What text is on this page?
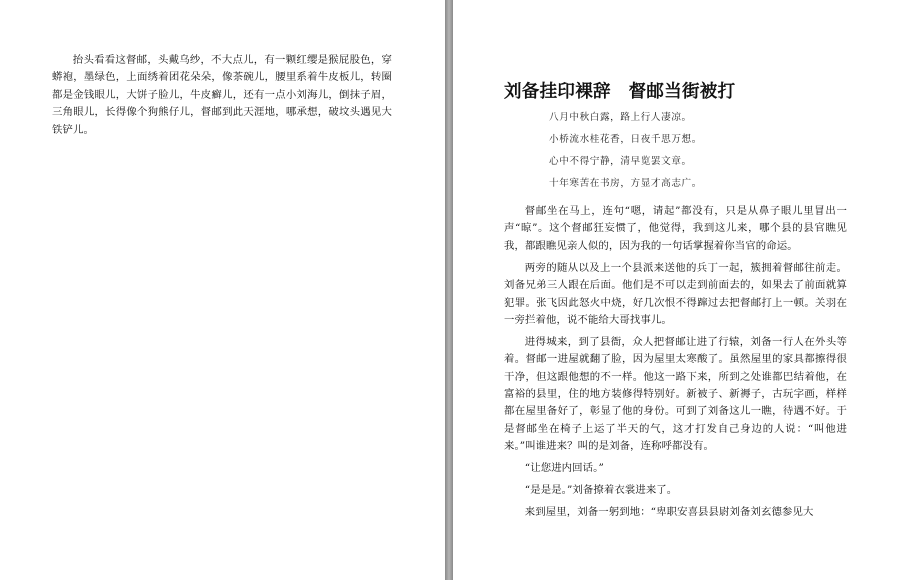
抬头看看这督邮，头戴乌纱，不大点儿，有一颗红缨是猴屁股色，穿蟒袍，墨绿色，上面绣着团花朵朵，像茶碗儿，腰里系着牛皮板儿，转圈都是金钱眼儿，大饼子脸儿，牛皮癣儿，还有一点小刘海儿，倒抹子眉，三角眼儿，长得像个狗熊仔儿，督邮到此天涯地，哪承想，破坟头遇见大铁铲儿。

刘备挂印裸辞　督邮当街被打
八月中秋白露，路上行人凄凉。
小桥流水桂花香，日夜千思万想。
心中不得宁静，清早览罢文章。
十年寒苦在书房，方显才高志广。

督邮坐在马上，连句“嗯，请起”都没有，只是从鼻子眼儿里冒出一声“晾”。这个督邮狂妄惯了，他觉得，我到这儿来，哪个县的县官瞧见我，都跟瞧见亲人似的，因为我的一句话掌握着你当官的命运。

两旁的随从以及上一个县派来送他的兵丁一起，簇拥着督邮往前走。刘备兄弟三人跟在后面。他们是不可以走到前面去的，如果去了前面就算犯罪。张飞因此怒火中烧，好几次恨不得蹿过去把督邮打上一顿。关羽在一旁拦着他，说不能给大哥找事儿。

进得城来，到了县衙，众人把督邮让进了行辕，刘备一行人在外头等着。督邮一进屋就翻了脸，因为屋里太寒酸了。虽然屋里的家具都擦得很干净，但这跟他想的不一样。他这一路下来，所到之处谁都巴结着他，在富裕的县里，住的地方装修得特别好。新被子、新褥子，古玩字画，样样都在屋里备好了，彰显了他的身份。可到了刘备这儿一瞧，待遇不好。于是督邮坐在椅子上运了半天的气，这才打发自己身边的人说：“叫他进来。”叫谁进来？叫的是刘备，连称呼都没有。

“让您进内回话。”

“是是是。”刘备撩着衣裳进来了。

来到屋里，刘备一躬到地：“卑职安喜县县尉刘备刘玄德参见大
